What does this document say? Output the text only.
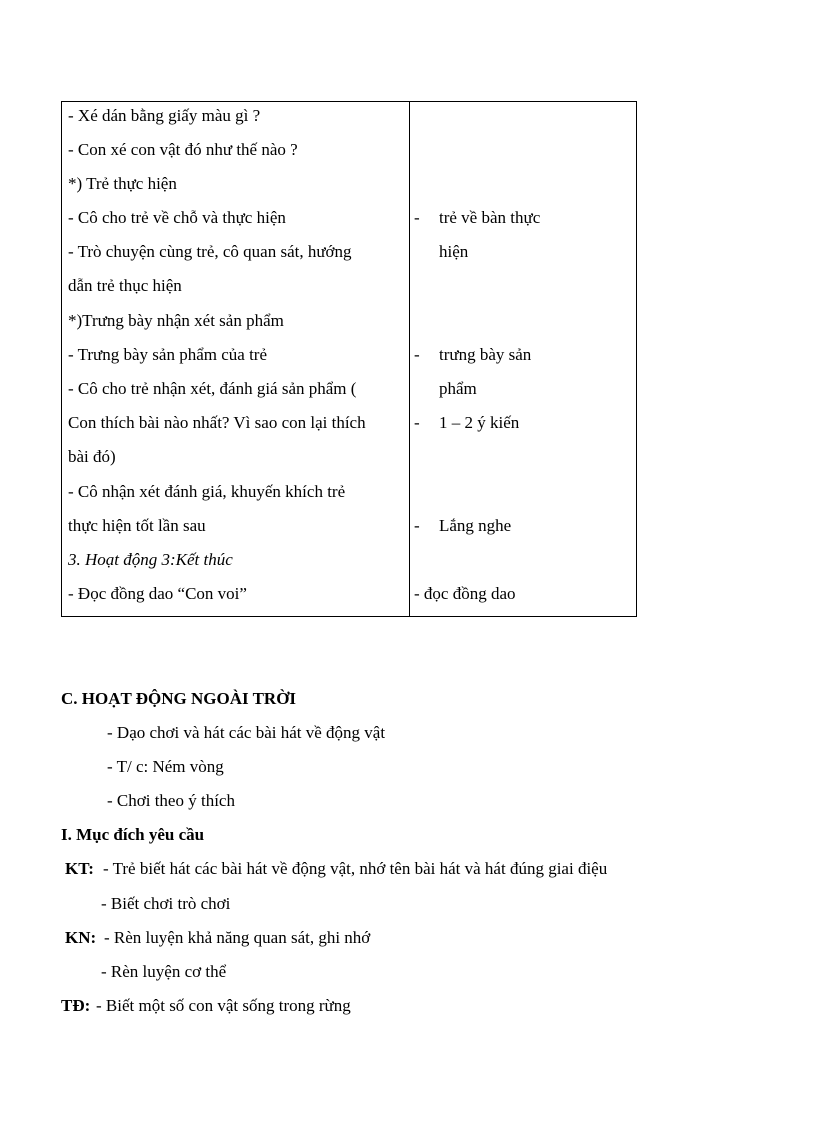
- Xé dán bằng giấy màu gì ?
- Con xé con vật đó như thế nào ?
*) Trẻ thực hiện
- Cô cho trẻ về chỗ và thực hiện
- Trò chuyện cùng trẻ, cô quan sát, hướng
dẫn trẻ thục hiện
*)Trưng bày nhận xét sản phẩm
- Trưng bày sản phẩm của trẻ
- Cô cho trẻ nhận xét, đánh giá sản phẩm (
Con thích bài nào nhất? Vì sao con lại thích
bài đó)
- Cô nhận xét đánh giá, khuyến khích trẻ
thực hiện tốt lần sau
3. Hoạt động 3:Kết thúc
- Đọc đồng dao “Con voi”
- trẻ về bàn thực
hiện
- trưng bày sản
phẩm
- 1 – 2 ý kiến
- Lắng nghe
- đọc đồng dao
C. HOẠT ĐỘNG NGOÀI TRỜI
- Dạo chơi và hát các bài hát về động vật
- T/ c: Ném vòng
- Chơi theo ý thích
I. Mục đích yêu cầu
KT: - Trẻ biết hát các bài hát về động vật, nhớ tên bài hát và hát đúng giai điệu
- Biết chơi trò chơi
KN: - Rèn luyện khả năng quan sát, ghi nhớ
- Rèn luyện cơ thể
TĐ: - Biết một số con vật sống trong rừng
